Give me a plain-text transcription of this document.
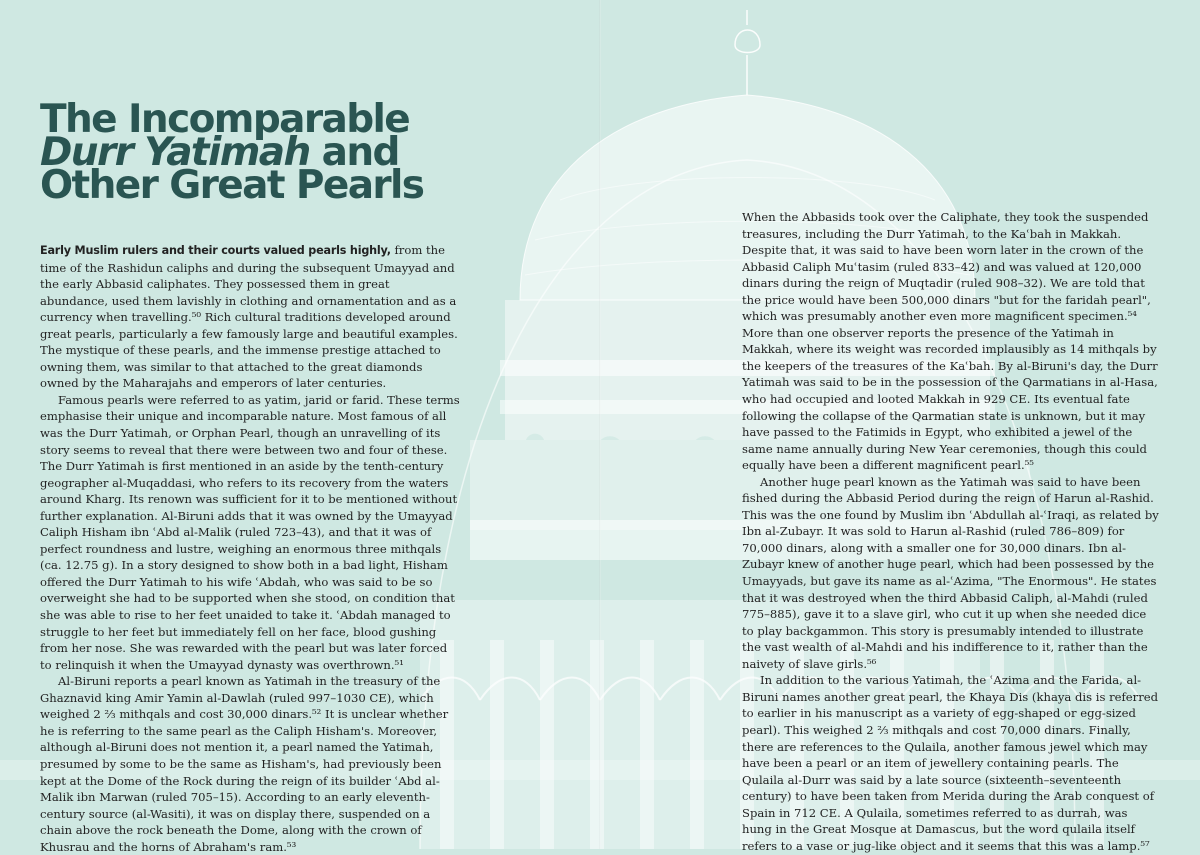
The Incomparable
Durr Yatimah and
Other Great Pearls

Early Muslim rulers and their courts valued pearls highly, from the time of the Rashidun caliphs and during the subsequent Umayyad and the early Abbasid caliphates. They possessed them in great abundance, used them lavishly in clothing and ornamentation and as a currency when travelling.⁵⁰ Rich cultural traditions developed around great pearls, particularly a few famously large and beautiful examples. The mystique of these pearls, and the immense prestige attached to owning them, was similar to that attached to the great diamonds owned by the Maharajahs and emperors of later centuries.

Famous pearls were referred to as yatim, jarid or farid. These terms emphasise their unique and incomparable nature. Most famous of all was the Durr Yatimah, or Orphan Pearl, though an unravelling of its story seems to reveal that there were between two and four of these. The Durr Yatimah is first mentioned in an aside by the tenth-century geographer al-Muqaddasi, who refers to its recovery from the waters around Kharg. Its renown was sufficient for it to be mentioned without further explanation. Al-Biruni adds that it was owned by the Umayyad Caliph Hisham ibn ʿAbd al-Malik (ruled 723–43), and that it was of perfect roundness and lustre, weighing an enormous three mithqals (ca. 12.75 g). In a story designed to show both in a bad light, Hisham offered the Durr Yatimah to his wife ʿAbdah, who was said to be so overweight she had to be supported when she stood, on condition that she was able to rise to her feet unaided to take it. ʿAbdah managed to struggle to her feet but immediately fell on her face, blood gushing from her nose. She was rewarded with the pearl but was later forced to relinquish it when the Umayyad dynasty was overthrown.⁵¹

Al-Biruni reports a pearl known as Yatimah in the treasury of the Ghaznavid king Amir Yamin al-Dawlah (ruled 997–1030 CE), which weighed 2 ⅔ mithqals and cost 30,000 dinars.⁵² It is unclear whether he is referring to the same pearl as the Caliph Hisham's. Moreover, although al-Biruni does not mention it, a pearl named the Yatimah, presumed by some to be the same as Hisham's, had previously been kept at the Dome of the Rock during the reign of its builder ʿAbd al-Malik ibn Marwan (ruled 705–15). According to an early eleventh-century source (al-Wasiti), it was on display there, suspended on a chain above the rock beneath the Dome, along with the crown of Khusrau and the horns of Abraham's ram.⁵³

When the Abbasids took over the Caliphate, they took the suspended treasures, including the Durr Yatimah, to the Kaʿbah in Makkah. Despite that, it was said to have been worn later in the crown of the Abbasid Caliph Muʿtasim (ruled 833–42) and was valued at 120,000 dinars during the reign of Muqtadir (ruled 908–32). We are told that the price would have been 500,000 dinars "but for the faridah pearl", which was presumably another even more magnificent specimen.⁵⁴ More than one observer reports the presence of the Yatimah in Makkah, where its weight was recorded implausibly as 14 mithqals by the keepers of the treasures of the Kaʿbah. By al-Biruni's day, the Durr Yatimah was said to be in the possession of the Qarmatians in al-Hasa, who had occupied and looted Makkah in 929 CE. Its eventual fate following the collapse of the Qarmatian state is unknown, but it may have passed to the Fatimids in Egypt, who exhibited a jewel of the same name annually during New Year ceremonies, though this could equally have been a different magnificent pearl.⁵⁵

Another huge pearl known as the Yatimah was said to have been fished during the Abbasid Period during the reign of Harun al-Rashid. This was the one found by Muslim ibn ʿAbdullah al-ʿIraqi, as related by Ibn al-Zubayr. It was sold to Harun al-Rashid (ruled 786–809) for 70,000 dinars, along with a smaller one for 30,000 dinars. Ibn al-Zubayr knew of another huge pearl, which had been possessed by the Umayyads, but gave its name as al-ʿAzima, "The Enormous". He states that it was destroyed when the third Abbasid Caliph, al-Mahdi (ruled 775–885), gave it to a slave girl, who cut it up when she needed dice to play backgammon. This story is presumably intended to illustrate the vast wealth of al-Mahdi and his indifference to it, rather than the naivety of slave girls.⁵⁶

In addition to the various Yatimah, the ʿAzima and the Farida, al-Biruni names another great pearl, the Khaya Dis (khaya dis is referred to earlier in his manuscript as a variety of egg-shaped or egg-sized pearl). This weighed 2 ⅔ mithqals and cost 70,000 dinars. Finally, there are references to the Qulaila, another famous jewel which may have been a pearl or an item of jewellery containing pearls. The Qulaila al-Durr was said by a late source (sixteenth–seventeenth century) to have been taken from Merida during the Arab conquest of Spain in 712 CE. A Qulaila, sometimes referred to as durrah, was hung in the Great Mosque at Damascus, but the word qulaila itself refers to a vase or jug-like object and it seems that this was a lamp.⁵⁷
